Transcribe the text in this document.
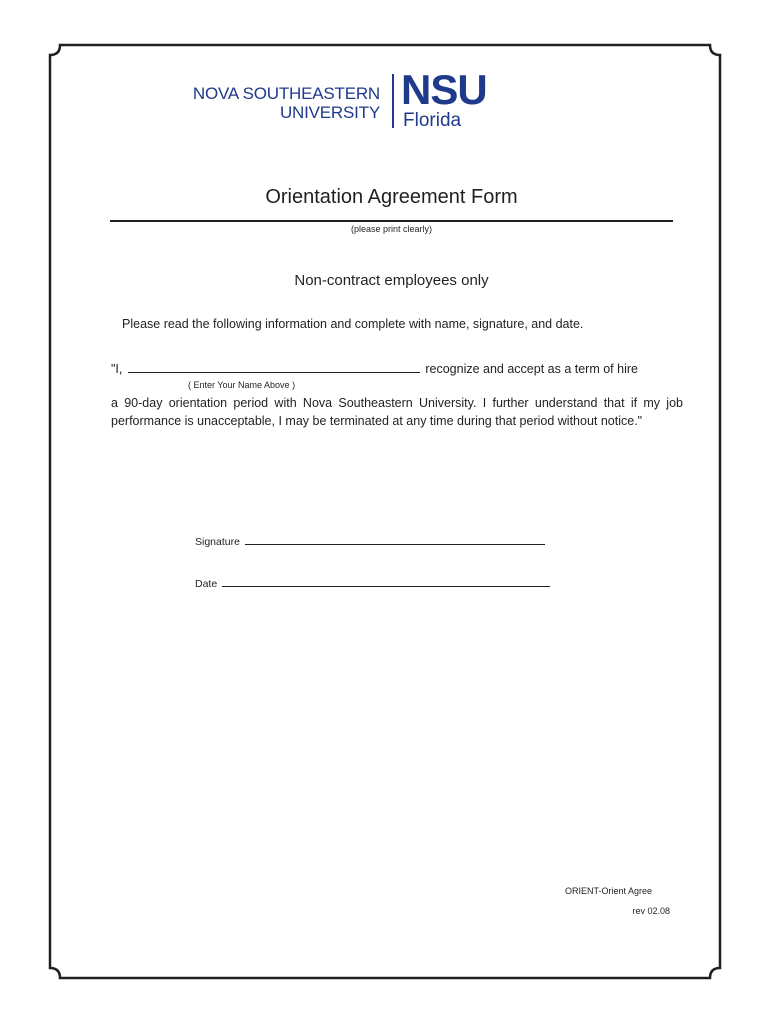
NOVA SOUTHEASTERN
UNIVERSITY NSU
Florida
Orientation Agreement Form
(please print clearly)
Non-contract employees only
Please read the following information and complete with name, signature, and date.
"I,	recognize and accept as a term of hire
( Enter Your Name Above )
a 90-day orientation period with Nova Southeastern University. I further understand that if my job performance is unacceptable, I may be terminated at any time during that period without notice."
Signature
Date
ORIENT-Orient Agree
rev 02.08
